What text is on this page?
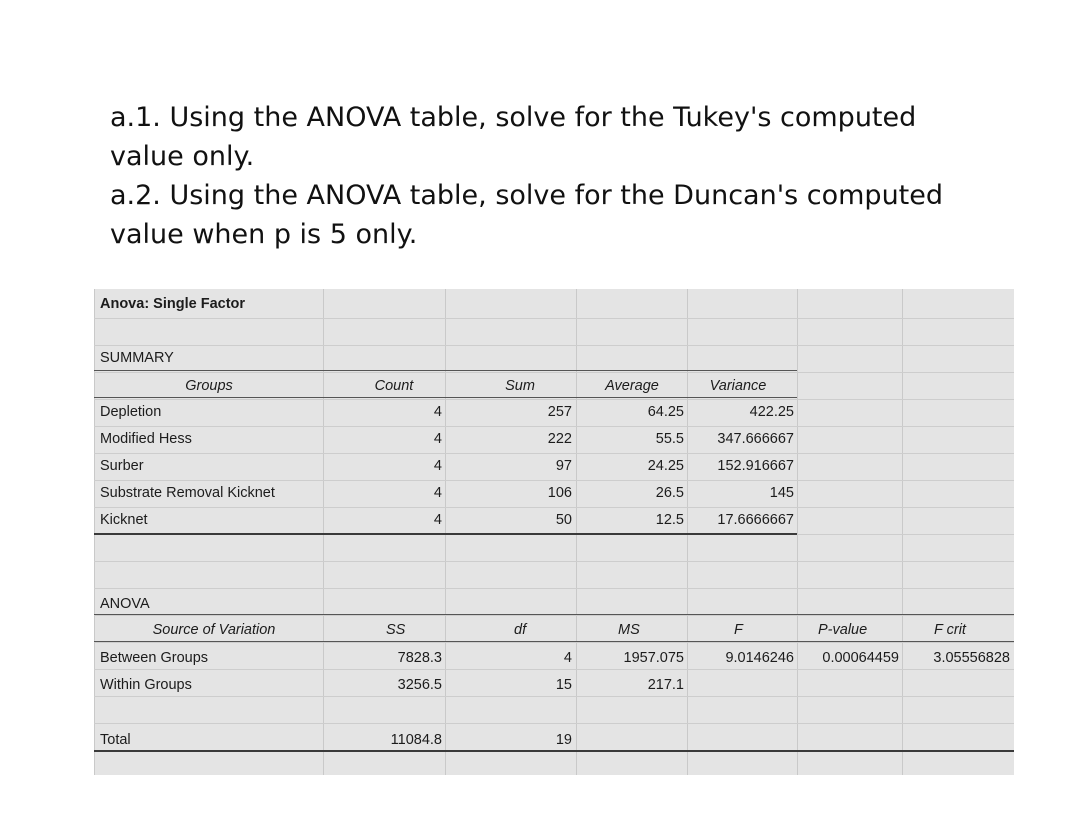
a.1. Using the ANOVA table, solve for the Tukey's computed

value only.

a.2. Using the ANOVA table, solve for the Duncan's computed

value when p is 5 only.

Anova: Single Factor
SUMMARY
Groups	Count	Sum	Average	Variance
Depletion	4	257	64.25	422.25
Modified Hess	4	222	55.5	347.666667
Surber	4	97	24.25	152.916667
Substrate Removal Kicknet	4	106	26.5	145
Kicknet	4	50	12.5	17.6666667
ANOVA
Source of Variation	SS	df	MS	F	P-value	F crit
Between Groups	7828.3	4	1957.075	9.0146246	0.00064459	3.05556828
Within Groups	3256.5	15	217.1
Total	11084.8	19
